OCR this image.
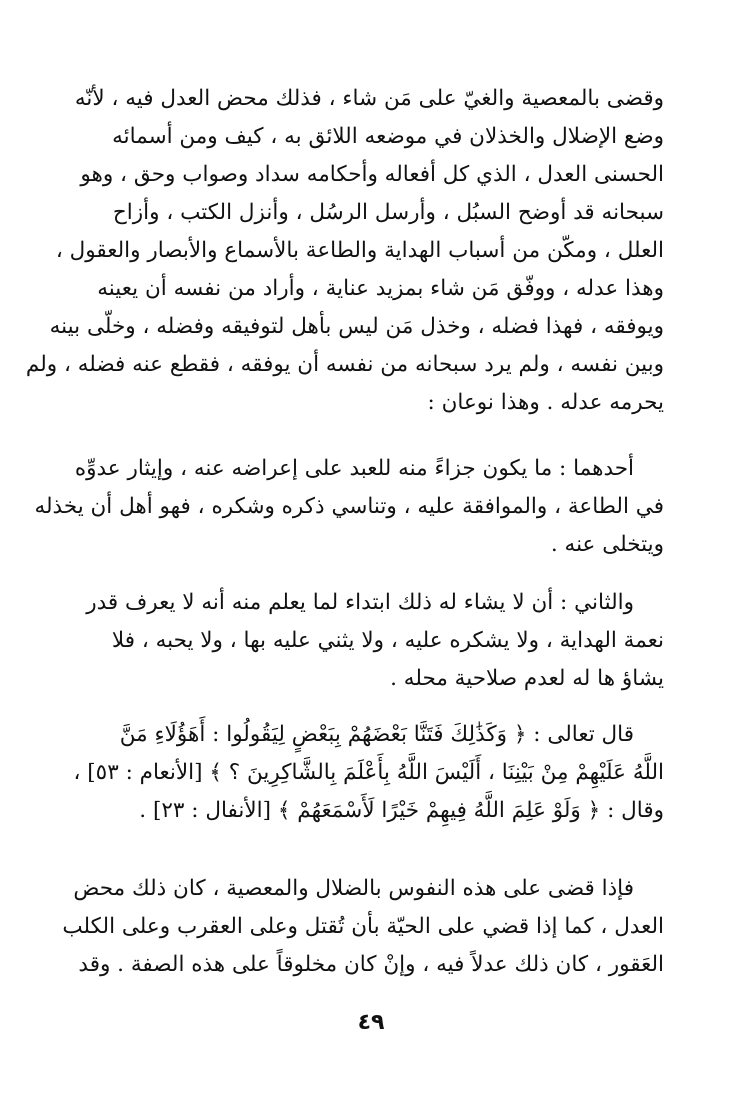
وقضى بالمعصية والغيّ على مَن شاء ، فذلك محض العدل فيه ، لأنّه
وضع الإضلال والخذلان في موضعه اللائق به ، كيف ومن أسمائه
الحسنى العدل ، الذي كل أفعاله وأحكامه سداد وصواب وحق ، وهو
سبحانه قد أوضح السبُل ، وأرسل الرسُل ، وأنزل الكتب ، وأزاح
العلل ، ومكّن من أسباب الهداية والطاعة بالأسماع والأبصار والعقول ،
وهذا عدله ، ووفّق مَن شاء بمزيد عناية ، وأراد من نفسه أن يعينه
ويوفقه ، فهذا فضله ، وخذل مَن ليس بأهل لتوفيقه وفضله ، وخلّى بينه
وبين نفسه ، ولم يرد سبحانه من نفسه أن يوفقه ، فقطع عنه فضله ، ولم
يحرمه عدله . وهذا نوعان :
أحدهما : ما يكون جزاءً منه للعبد على إعراضه عنه ، وإيثار عدوِّه
في الطاعة ، والموافقة عليه ، وتناسي ذكره وشكره ، فهو أهل أن يخذله
ويتخلى عنه .
والثاني : أن لا يشاء له ذلك ابتداء لما يعلم منه أنه لا يعرف قدر
نعمة الهداية ، ولا يشكره عليه ، ولا يثني عليه بها ، ولا يحبه ، فلا
يشاؤ ها له لعدم صلاحية محله .
قال تعالى : ﴿ وَكَذَٰلِكَ فَتَنَّا بَعْضَهُمْ بِبَعْضٍ لِيَقُولُوا : أَهَؤُلَاءِ مَنَّ
اللَّهُ عَلَيْهِمْ مِنْ بَيْنِنَا ، أَلَيْسَ اللَّهُ بِأَعْلَمَ بِالشَّاكِرِينَ ؟ ﴾ [الأنعام : ٥٣] ،
وقال : ﴿ وَلَوْ عَلِمَ اللَّهُ فِيهِمْ خَيْرًا لَأَسْمَعَهُمْ ﴾ [الأنفال : ٢٣] .
فإذا قضى على هذه النفوس بالضلال والمعصية ، كان ذلك محض
العدل ، كما إذا قضي على الحيّة بأن تُقتل وعلى العقرب وعلى الكلب
العَقور ، كان ذلك عدلاً فيه ، وإنْ كان مخلوقاً على هذه الصفة . وقد
٤٩
